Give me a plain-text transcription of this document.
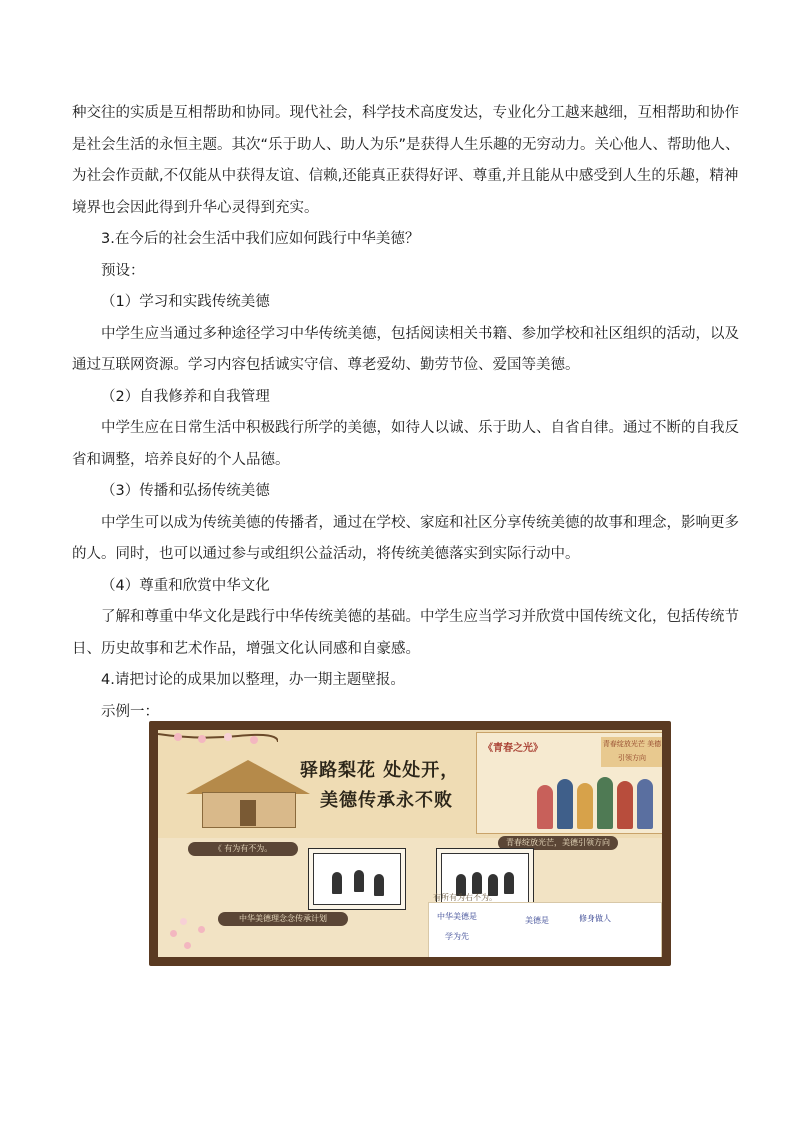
种交往的实质是互相帮助和协同。现代社会，科学技术高度发达，专业化分工越来越细，互相帮助和协作

是社会生活的永恒主题。其次“乐于助人、助人为乐”是获得人生乐趣的无穷动力。关心他人、帮助他人、

为社会作贡献,不仅能从中获得友谊、信赖,还能真正获得好评、尊重,并且能从中感受到人生的乐趣，精神

境界也会因此得到升华心灵得到充实。

3.在今后的社会生活中我们应如何践行中华美德？

预设：

（1）学习和实践传统美德

中学生应当通过多种途径学习中华传统美德，包括阅读相关书籍、参加学校和社区组织的活动，以及

通过互联网资源。学习内容包括诚实守信、尊老爱幼、勤劳节俭、爱国等美德。

（2）自我修养和自我管理

中学生应在日常生活中积极践行所学的美德，如待人以诚、乐于助人、自省自律。通过不断的自我反

省和调整，培养良好的个人品德。

（3）传播和弘扬传统美德

中学生可以成为传统美德的传播者，通过在学校、家庭和社区分享传统美德的故事和理念，影响更多

的人。同时，也可以通过参与或组织公益活动，将传统美德落实到实际行动中。

（4）尊重和欣赏中华文化

了解和尊重中华文化是践行中华传统美德的基础。中学生应当学习并欣赏中国传统文化，包括传统节

日、历史故事和艺术作品，增强文化认同感和自豪感。

4.请把讨论的成果加以整理，办一期主题壁报。

示例一：

驿路梨花 处处开，
美德传承永不败
《青春之光》	青春绽放光芒 美德引领方向
《 有为有不为。
青春绽放光芒，美德引领方向
中华美德理念念传承计划
有所有为右不为。
中华美德是	美德是	修身做人
学为先
